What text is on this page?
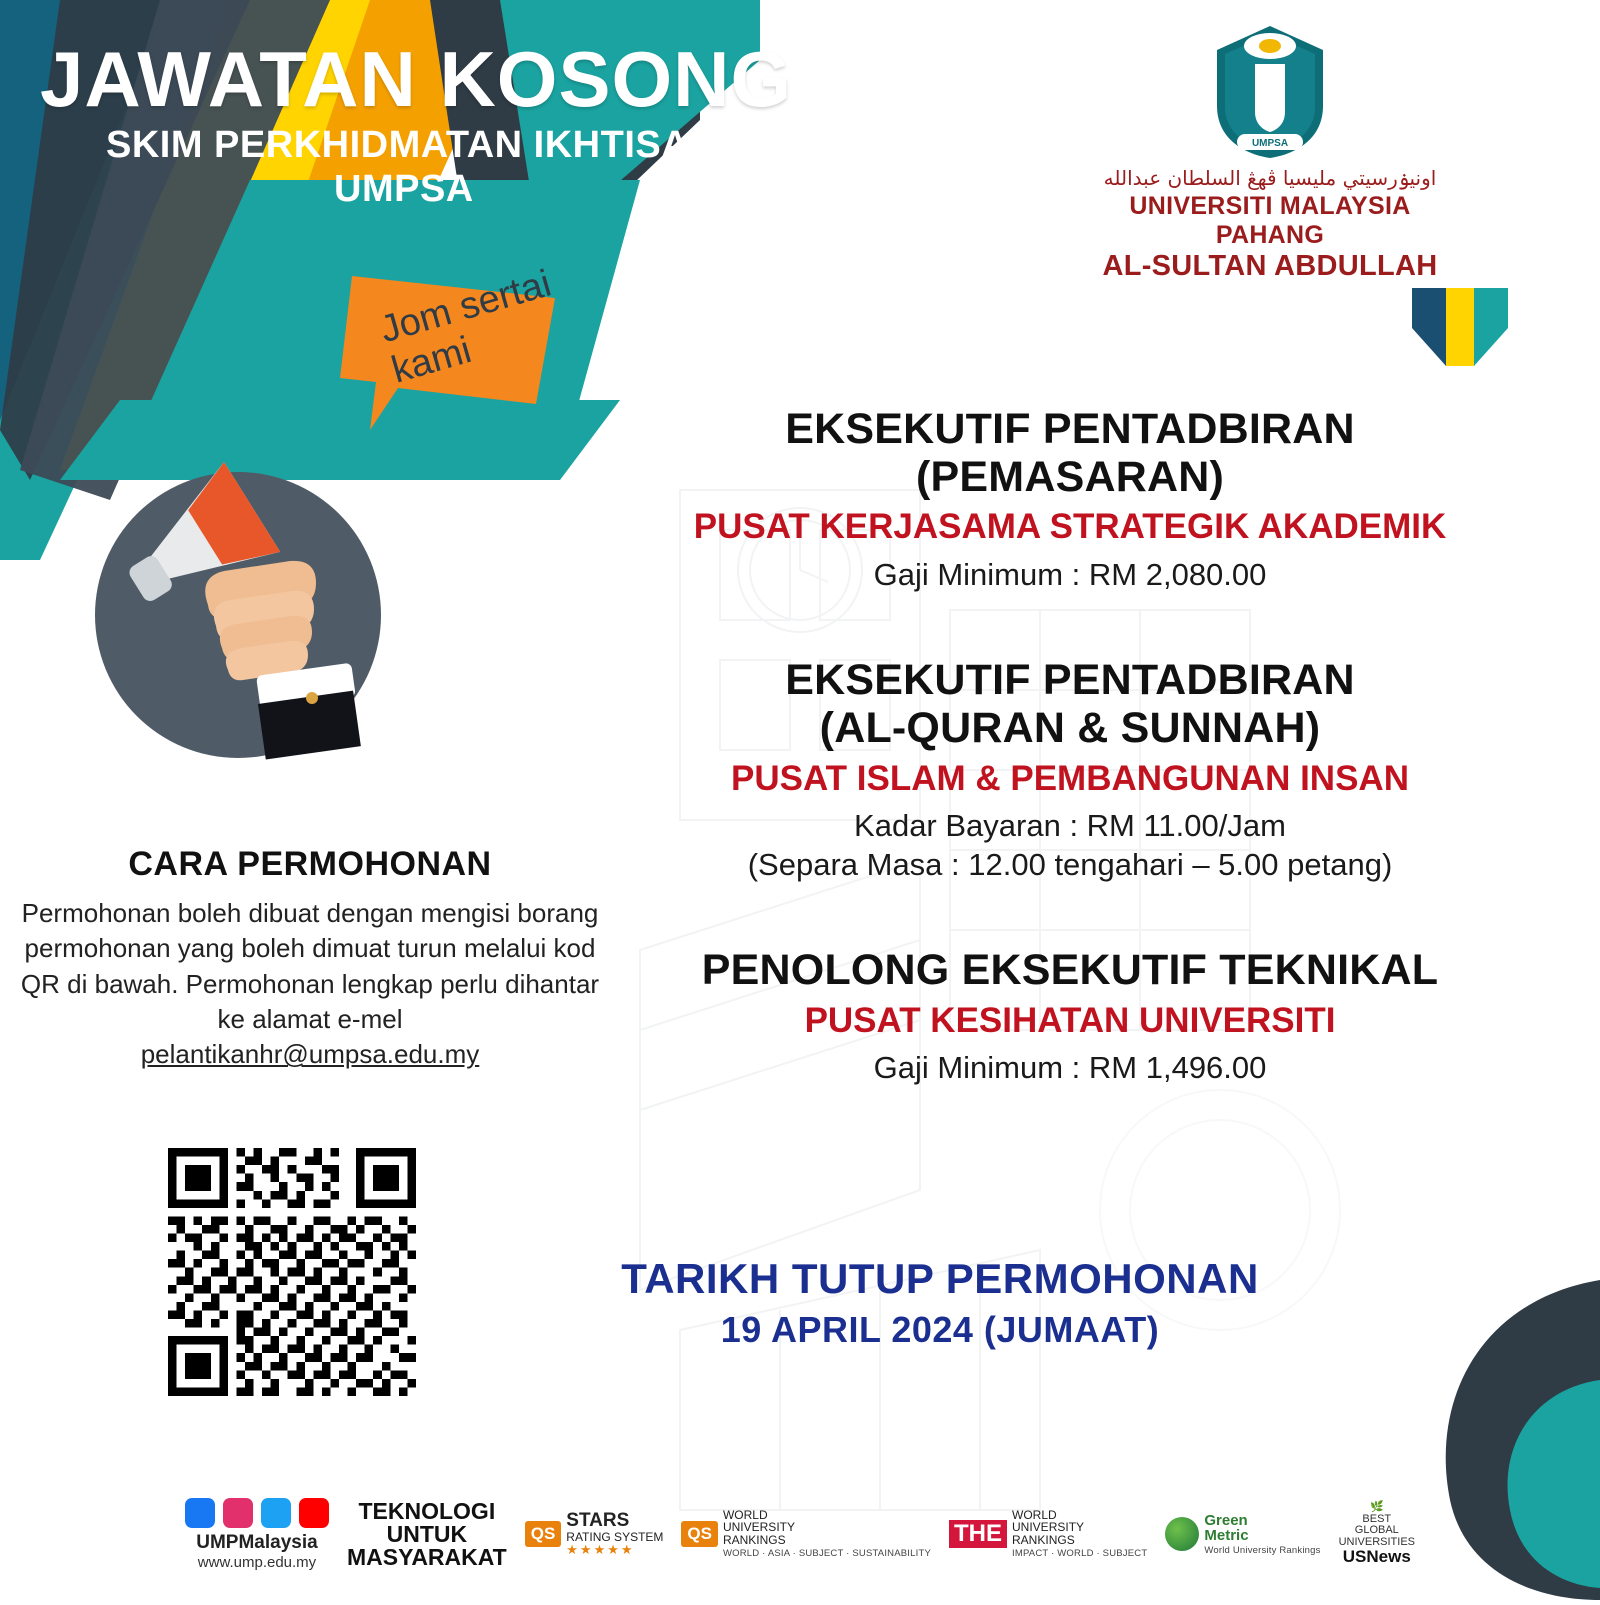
JAWATAN KOSONG
SKIM PERKHIDMATAN IKHTISAS
UMPSA
UMPSA
اونيۏرسيتي مليسيا ڤهڠ السلطان عبدالله
UNIVERSITI MALAYSIA PAHANG
AL-SULTAN ABDULLAH
Jom sertai kami
CARA PERMOHONAN
Permohonan boleh dibuat dengan mengisi borang permohonan yang boleh dimuat turun melalui kod QR di bawah. Permohonan lengkap perlu dihantar ke alamat e-mel
pelantikanhr@umpsa.edu.my
EKSEKUTIF PENTADBIRAN
(PEMASARAN)
PUSAT KERJASAMA STRATEGIK AKADEMIK
Gaji Minimum : RM 2,080.00
EKSEKUTIF PENTADBIRAN
(AL-QURAN & SUNNAH)
PUSAT ISLAM & PEMBANGUNAN INSAN
Kadar Bayaran : RM 11.00/Jam
(Separa Masa : 12.00 tengahari – 5.00 petang)
PENOLONG EKSEKUTIF TEKNIKAL
PUSAT KESIHATAN UNIVERSITI
Gaji Minimum : RM 1,496.00
TARIKH TUTUP PERMOHONAN
19 APRIL 2024 (JUMAAT)
UMPMalaysia
www.ump.edu.my
TEKNOLOGI
UNTUK
MASYARAKAT
QS
STARS
RATING SYSTEM
★★★★★
QS
WORLD
UNIVERSITY
RANKINGS
WORLD · ASIA · SUBJECT · SUSTAINABILITY
THE
WORLD
UNIVERSITY
RANKINGS
IMPACT · WORLD · SUBJECT
Green
Metric
World University Rankings
🌿
BEST
GLOBAL
UNIVERSITIES
USNews
